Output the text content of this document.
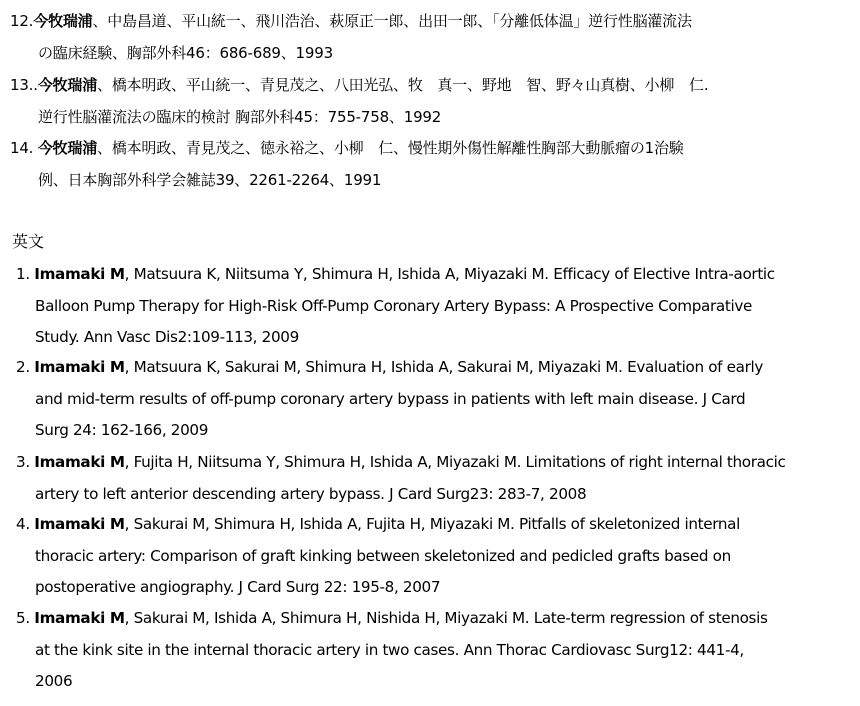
12.今牧瑞浦、中島昌道、平山統一、飛川浩治、萩原正一郎、出田一郎、「分離低体温」逆行性脳灌流法
の臨床経験、胸部外科46：686-689、1993
13..今牧瑞浦、橋本明政、平山統一、青見茂之、八田光弘、牧　真一、野地　智、野々山真樹、小柳　仁.
逆行性脳灌流法の臨床的検討 胸部外科45：755-758、1992
14. 今牧瑞浦、橋本明政、青見茂之、徳永裕之、小柳　仁、慢性期外傷性解離性胸部大動脈瘤の1治験
例、日本胸部外科学会雑誌39、2261-2264、1991
英文
1. Imamaki M, Matsuura K, Niitsuma Y, Shimura H, Ishida A, Miyazaki M. Efficacy of Elective Intra-aortic
Balloon Pump Therapy for High-Risk Off-Pump Coronary Artery Bypass: A Prospective Comparative
Study. Ann Vasc Dis2:109-113, 2009
2. Imamaki M, Matsuura K, Sakurai M, Shimura H, Ishida A, Sakurai M, Miyazaki M. Evaluation of early
and mid-term results of off-pump coronary artery bypass in patients with left main disease. J Card
Surg 24: 162-166, 2009
3. Imamaki M, Fujita H, Niitsuma Y, Shimura H, Ishida A, Miyazaki M. Limitations of right internal thoracic
artery to left anterior descending artery bypass. J Card Surg23: 283-7, 2008
4. Imamaki M, Sakurai M, Shimura H, Ishida A, Fujita H, Miyazaki M. Pitfalls of skeletonized internal
thoracic artery: Comparison of graft kinking between skeletonized and pedicled grafts based on
postoperative angiography. J Card Surg 22: 195-8, 2007
5. Imamaki M, Sakurai M, Ishida A, Shimura H, Nishida H, Miyazaki M. Late-term regression of stenosis
at the kink site in the internal thoracic artery in two cases. Ann Thorac Cardiovasc Surg12: 441-4,
2006
